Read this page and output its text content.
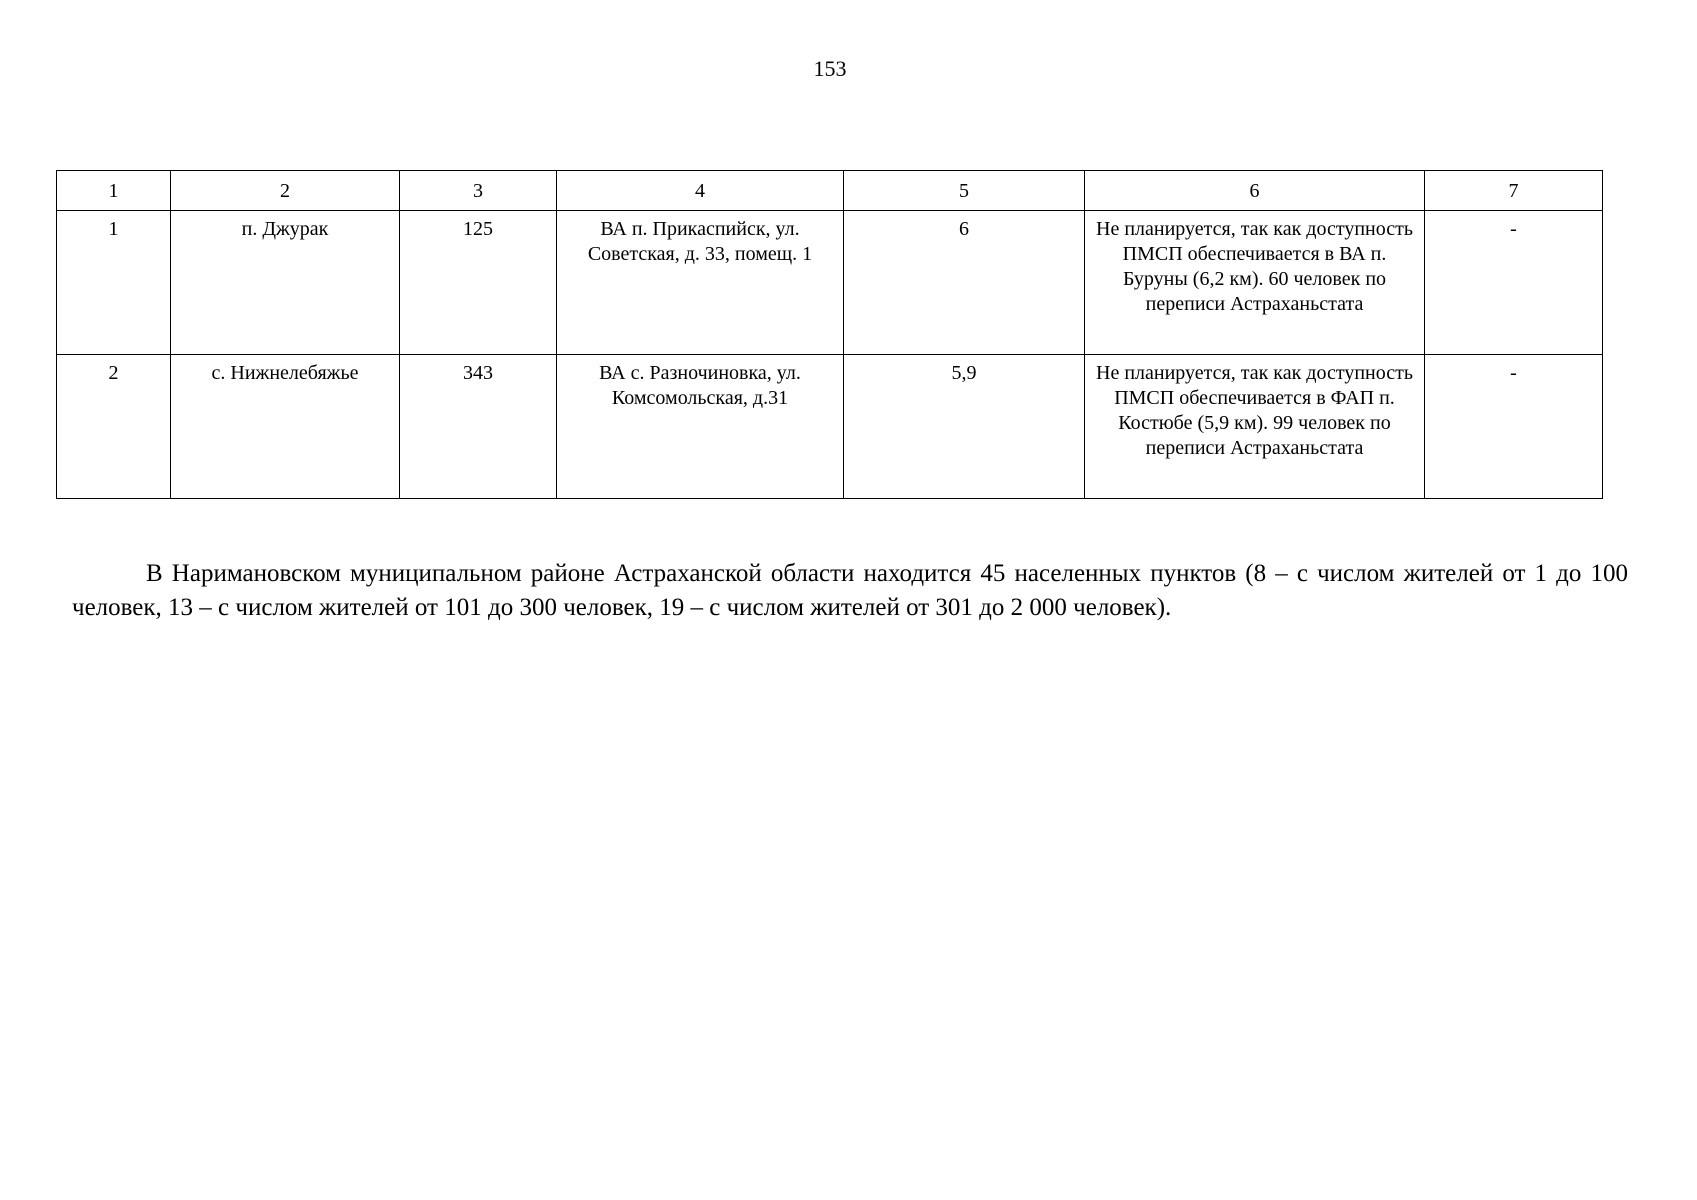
153
1	2	3	4	5	6	7
1	п. Джурак	125	ВА п. Прикаспийск, ул. Советская, д. 33, помещ. 1	6	Не планируется, так как доступность ПМСП обеспечивается в ВА п. Буруны (6,2 км). 60 человек по переписи Астраханьстата	-
2	с. Нижнелебяжье	343	ВА с. Разночиновка, ул. Комсомольская, д.31	5,9	Не планируется, так как доступность ПМСП обеспечивается в ФАП п. Костюбе (5,9 км). 99 человек по переписи Астраханьстата	-

В Наримановском муниципальном районе Астраханской области находится 45 населенных пунктов (8 – с числом жителей от 1 до 100 человек, 13 – с числом жителей от 101 до 300 человек, 19 – с числом жителей от 301 до 2 000 человек).
